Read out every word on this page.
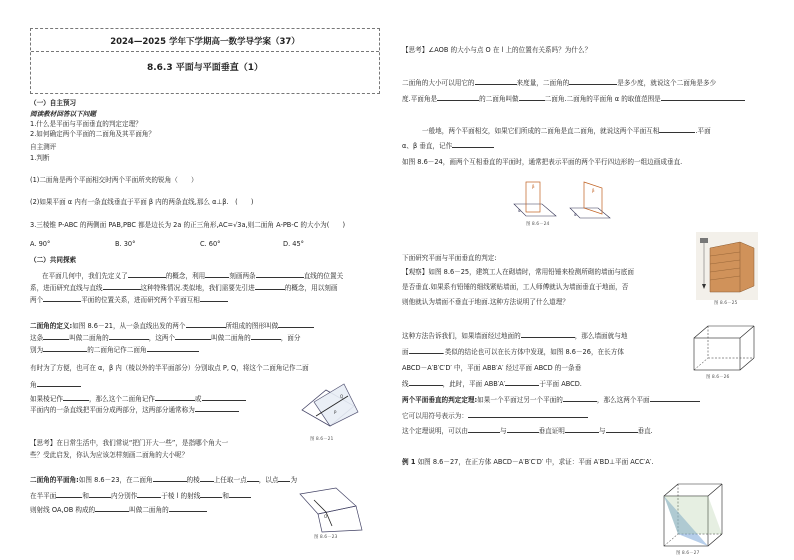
2024—2025 学年下学期高一数学导学案（37）
8.6.3 平面与平面垂直（1）
（一）自主预习
阅读教材回答以下问题
1.什么是平面与平面垂直的判定定理？
2.如何确定两个平面的二面角及其平面角？
自主测评
1.判断
(1)二面角是两个平面相交时两个平面所夹的锐角（　　）
(2)如果平面 α 内有一条直线垂直于平面 β 内的两条直线,那么 α⊥β.　(　　)
3.三棱锥 P-ABC 的两侧面 PAB,PBC 都是边长为 2a 的正三角形,AC=√3a,则二面角 A-PB-C 的大小为(　　)
A. 90°	B. 30°	C. 60°	D. 45°
（二）共同探索
在平面几何中，我们先定义了	的概念，利用	刻画两条	直线的位置关
系，进而研究直线与直线	这种特殊情况.类似地，我们需要先引进	的概念，用以刻画
两个	平面的位置关系，进而研究两个平面互相
二面角的定义:如图 8.6－21，从一条直线出发的两个	所组成的图形叫做
这条	叫做二面角的	，这两个	叫做二面角的	，面分
别为	的二面角记作二面角
有时为了方便，也可在 α，β 内（棱以外的半平面部分）分别取点 P, Q，将这个二面角记作二面
角
如果棱记作	，那么这个二面角记作	或
平面内的一条直线把平面分成两部分，这两部分通常称为
【思考】在日常生活中，我们常说“把门开大一些”，是指哪个角大一
些？受此启发，你认为应该怎样刻画二面角的大小呢？
二面角的平面角:如图 8.6－23，在二面角	的棱 上任取一点 ，以点 为
在半平面	和	内分别作	于棱 l 的射线	和
则射线 OA,OB 构成的	叫做二面角的
Q
P
图 8.6－21
O
图 8.6－23
【思考】∠AOB 的大小与点 O 在 l 上的位置有关系吗？为什么？
二面角的大小可以用它的	来度量，二面角的	是多少度，就说这个二面角是多少
度.平面角是	的二面角叫做	二面角.二面角的平面角 α 的取值范围是
一般地，两个平面相交，如果它们所成的二面角是直二面角，就说这两个平面互相	.平面
α、β 垂直，记作
如图 8.6－24，画两个互相垂直的平面时，通常把表示平面的两个平行四边形的一组边画成垂直.
β
α
β
α
图 8.6－24
下面研究平面与平面垂直的判定:
【观察】如图 8.6－25，建筑工人在砌墙时，常用铅锤来检测所砌的墙面与底面
是否垂直.如果系有铅锤的细线紧贴墙面，工人师傅就认为墙面垂直于地面，否
则他就认为墙面不垂直于地面.这种方法说明了什么道理？	图 8.6－25
这种方法告诉我们，如果墙面经过地面的	，那么墙面就与地
面	.类似的结论也可以在长方体中发现，如图 8.6－26，在长方体
ABCD－A′B′C′D′ 中，平面 ABB′A′ 经过平面 ABCD 的一条垂
线	，此时，平面 ABB′A′	于平面 ABCD.
图 8.6－26
两个平面垂直的判定定理:如果一个平面过另一个平面的	，那么这两个平面
它可以用符号表示为：
这个定理说明，可以由	与	垂直证明	与	垂直.
例 1 如图 8.6－27，在正方体 ABCD－A′B′C′D′ 中，求证：平面 A′BD⊥平面 ACC′A′.
图 8.6－27
